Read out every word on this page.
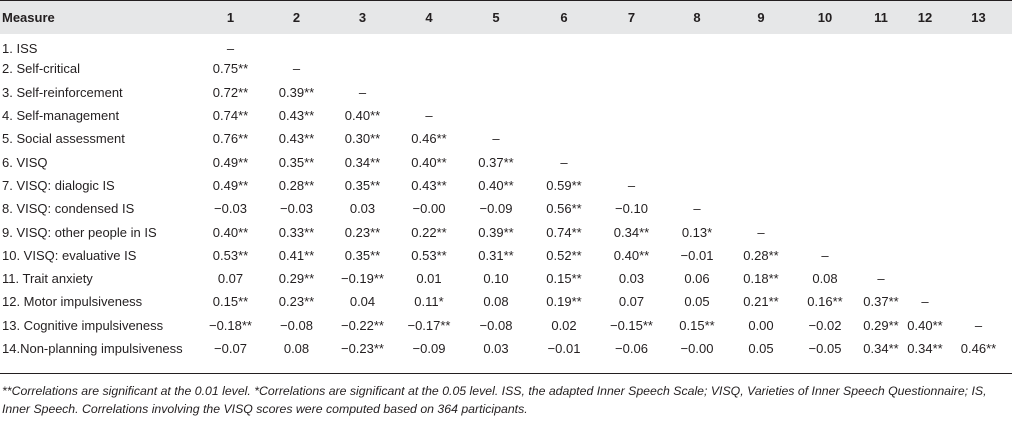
Measure	1	2	3	4	5	6	7	8	9	10	11	12	13
1. ISS	–												
2. Self-critical	0.75**	–											
3. Self-reinforcement	0.72**	0.39**	–										
4. Self-management	0.74**	0.43**	0.40**	–									
5. Social assessment	0.76**	0.43**	0.30**	0.46**	–								
6. VISQ	0.49**	0.35**	0.34**	0.40**	0.37**	–							
7. VISQ: dialogic IS	0.49**	0.28**	0.35**	0.43**	0.40**	0.59**	–						
8. VISQ: condensed IS	−0.03	−0.03	0.03	−0.00	−0.09	0.56**	−0.10	–					
9. VISQ: other people in IS	0.40**	0.33**	0.23**	0.22**	0.39**	0.74**	0.34**	0.13*	–				
10. VISQ: evaluative IS	0.53**	0.41**	0.35**	0.53**	0.31**	0.52**	0.40**	−0.01	0.28**	–			
11. Trait anxiety	0.07	0.29**	−0.19**	0.01	0.10	0.15**	0.03	0.06	0.18**	0.08	–		
12. Motor impulsiveness	0.15**	0.23**	0.04	0.11*	0.08	0.19**	0.07	0.05	0.21**	0.16**	0.37**	–	
13. Cognitive impulsiveness	−0.18**	−0.08	−0.22**	−0.17**	−0.08	0.02	−0.15**	0.15**	0.00	−0.02	0.29**	0.40**	–
14.Non-planning impulsiveness	−0.07	0.08	−0.23**	−0.09	0.03	−0.01	−0.06	−0.00	0.05	−0.05	0.34**	0.34**	0.46**
**Correlations are significant at the 0.01 level. *Correlations are significant at the 0.05 level. ISS, the adapted Inner Speech Scale; VISQ, Varieties of Inner Speech Questionnaire; IS, Inner Speech. Correlations involving the VISQ scores were computed based on 364 participants.
